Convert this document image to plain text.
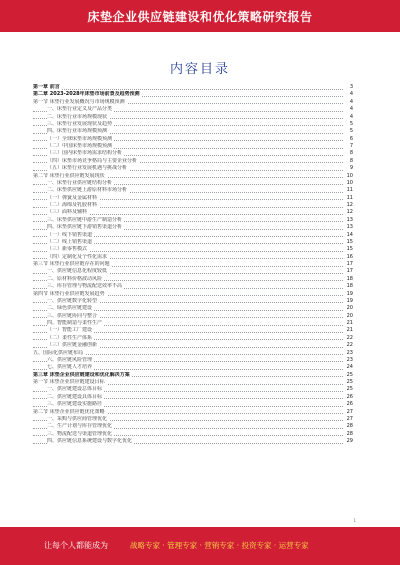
床垫企业供应链建设和优化策略研究报告
内容目录
第一章 前言	3
第二章 2023-2028年床垫市场前景及趋势预测	4
第一节 床垫行业发展概况与市场规模预测	4
一、床垫行业定义及产品分类	4
二、床垫行业市场规模现状	4
三、床垫行业发展现状及趋势	5
四、床垫行业市场规模预测	5
（一）全球床垫市场规模预测	6
（二）中国床垫市场规模预测	7
（三）国内床垫市场需求结构分析	8
（四）床垫市场竞争格局与主要企业分析	8
（五）床垫行业发展机遇与挑战分析	9
第二节 床垫行业供应链发展现状	10
一、床垫行业供应链结构分析	10
二、床垫供应链上游原材料市场分析	11
（一）弹簧及金属材料	11
（二）海绵及乳胶材料	12
（三）面料及辅料	12
三、床垫供应链中游生产制造分析	13
四、床垫供应链下游销售渠道分析	13
（一）线下销售渠道	14
（二）线上销售渠道	15
（三）新零售模式	15
（四）定制化及个性化需求	16
第三节 床垫行业供应链存在的问题	17
一、供应链信息化程度较低	17
二、原材料价格波动风险	18
三、库存管理与物流配送效率不高	18
第四节 床垫行业供应链发展趋势	19
一、供应链数字化转型	19
二、绿色供应链建设	20
三、供应链协同与整合	20
四、智能制造与柔性生产	21
（一）智能工厂建设	21
（二）柔性生产体系	22
（三）供应链金融创新	22
五、国际化供应链布局	23
六、供应链风险管理	23
七、供应链人才培养	24
第三章 床垫企业供应链建设和优化解决方案	25
第一节 床垫企业供应链建设目标	25
一、供应链建设总体目标	25
二、供应链建设具体目标	26
三、供应链建设实施路径	26
第二节 床垫企业供应链优化策略	27
一、采购与供应商管理优化	27
二、生产计划与库存管理优化	28
三、物流配送与渠道管理优化	28
四、供应链信息系统建设与数字化优化	29
1
让每个人都能成为	战略专家 · 管理专家 · 营销专家 · 投资专家 · 运营专家
